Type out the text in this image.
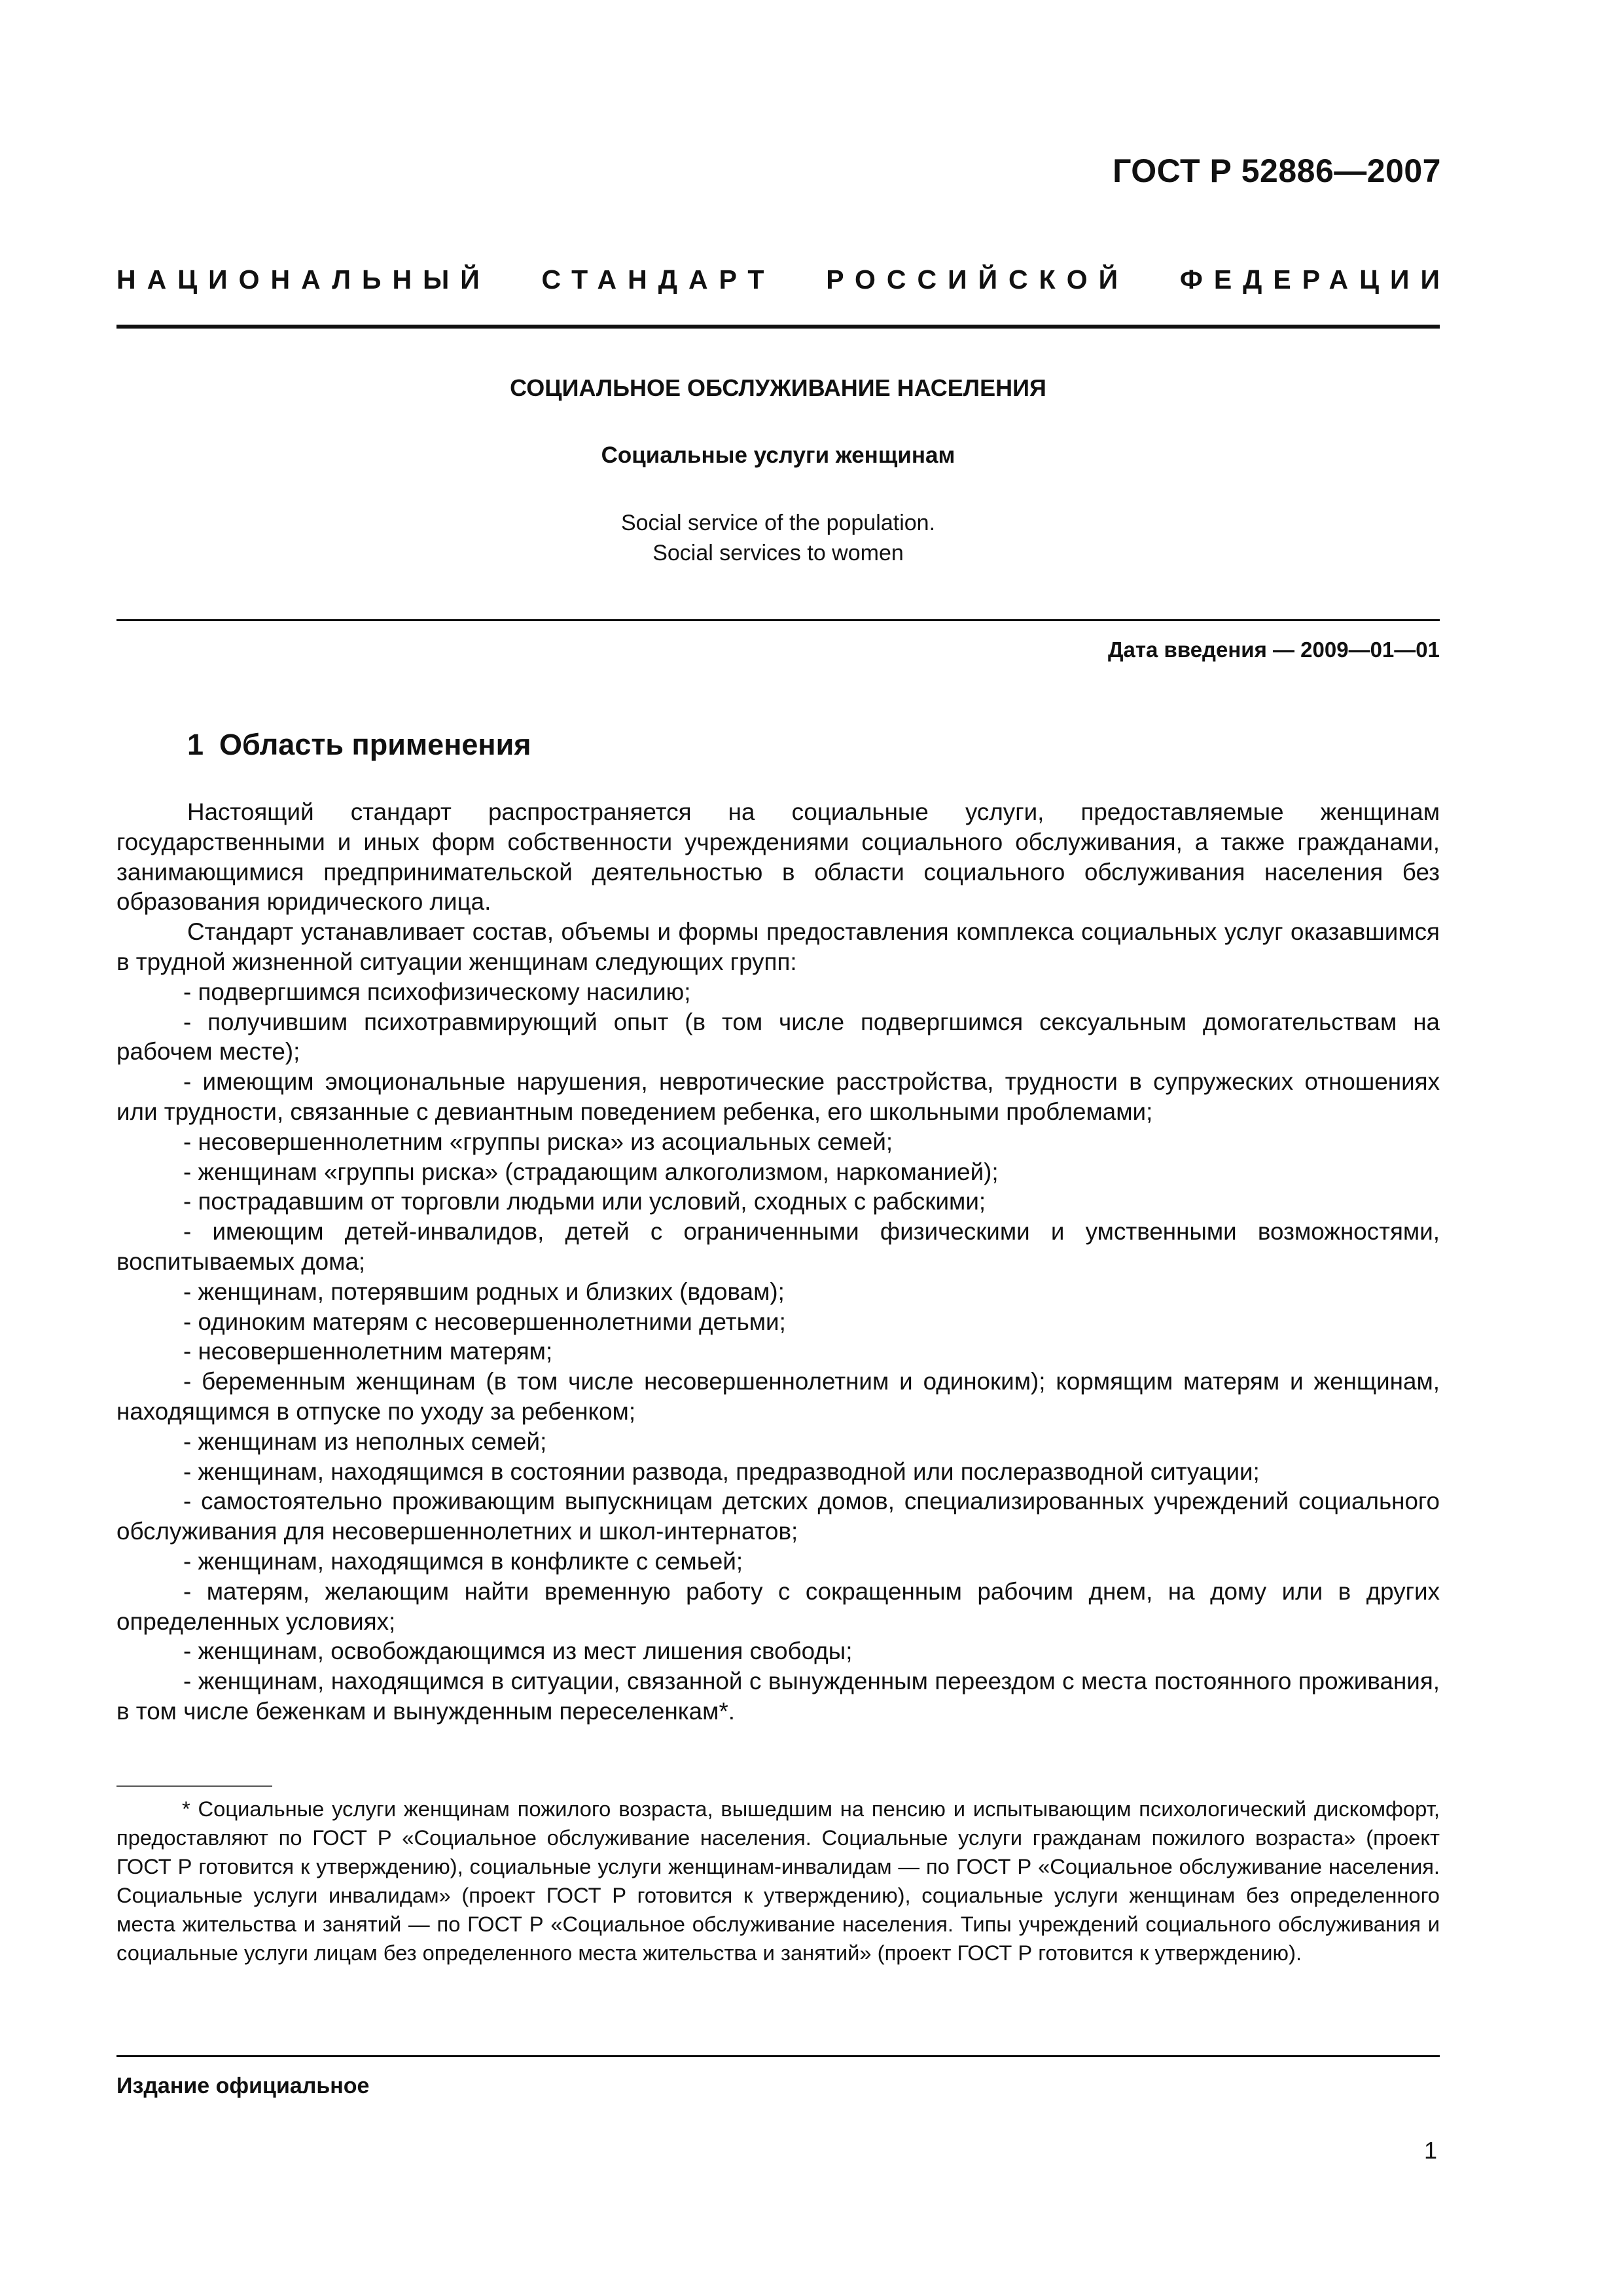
ГОСТ Р 52886—2007
НАЦИОНАЛЬНЫЙ СТАНДАРТ РОССИЙСКОЙ ФЕДЕРАЦИИ
СОЦИАЛЬНОЕ ОБСЛУЖИВАНИЕ НАСЕЛЕНИЯ
Социальные услуги женщинам
Social service of the population.
Social services to women
Дата введения — 2009—01—01
1 Область применения

Настоящий стандарт распространяется на социальные услуги, предоставляемые женщинам государственными и иных форм собственности учреждениями социального обслуживания, а также гражданами, занимающимися предпринимательской деятельностью в области социального обслуживания населения без образования юридического лица.

Стандарт устанавливает состав, объемы и формы предоставления комплекса социальных услуг оказавшимся в трудной жизненной ситуации женщинам следующих групп:

- подвергшимся психофизическому насилию;

- получившим психотравмирующий опыт (в том числе подвергшимся сексуальным домогательствам на рабочем месте);

- имеющим эмоциональные нарушения, невротические расстройства, трудности в супружеских отношениях или трудности, связанные с девиантным поведением ребенка, его школьными проблемами;

- несовершеннолетним «группы риска» из асоциальных семей;

- женщинам «группы риска» (страдающим алкоголизмом, наркоманией);

- пострадавшим от торговли людьми или условий, сходных с рабскими;

- имеющим детей-инвалидов, детей с ограниченными физическими и умственными возможностями, воспитываемых дома;

- женщинам, потерявшим родных и близких (вдовам);

- одиноким матерям с несовершеннолетними детьми;

- несовершеннолетним матерям;

- беременным женщинам (в том числе несовершеннолетним и одиноким); кормящим матерям и женщинам, находящимся в отпуске по уходу за ребенком;

- женщинам из неполных семей;

- женщинам, находящимся в состоянии развода, предразводной или послеразводной ситуации;

- самостоятельно проживающим выпускницам детских домов, специализированных учреждений социального обслуживания для несовершеннолетних и школ-интернатов;

- женщинам, находящимся в конфликте с семьей;

- матерям, желающим найти временную работу с сокращенным рабочим днем, на дому или в других определенных условиях;

- женщинам, освобождающимся из мест лишения свободы;

- женщинам, находящимся в ситуации, связанной с вынужденным переездом с места постоянного проживания, в том числе беженкам и вынужденным переселенкам*.

* Социальные услуги женщинам пожилого возраста, вышедшим на пенсию и испытывающим психологический дискомфорт, предоставляют по ГОСТ Р «Социальное обслуживание населения. Социальные услуги гражданам пожилого возраста» (проект ГОСТ Р готовится к утверждению), социальные услуги женщинам-инвалидам — по ГОСТ Р «Социальное обслуживание населения. Социальные услуги инвалидам» (проект ГОСТ Р готовится к утверждению), социальные услуги женщинам без определенного места жительства и занятий — по ГОСТ Р «Социальное обслуживание населения. Типы учреждений социального обслуживания и социальные услуги лицам без определенного места жительства и занятий» (проект ГОСТ Р готовится к утверждению).
Издание официальное
1
